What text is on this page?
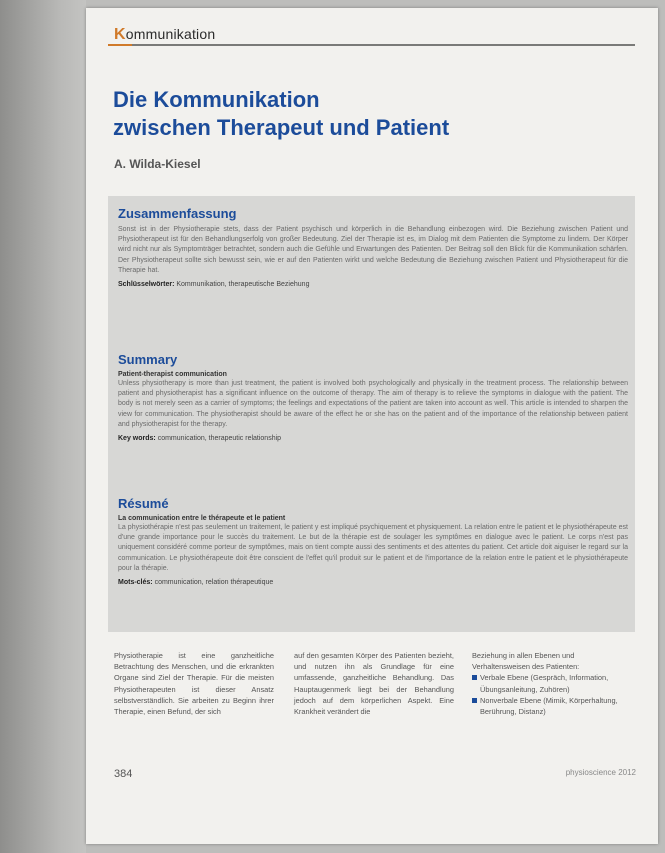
Kommunikation
Die Kommunikation
zwischen Therapeut und Patient
A. Wilda-Kiesel

Zusammenfassung

Sonst ist in der Physiotherapie stets, dass der Patient psychisch und körperlich in die Behandlung einbezogen wird. Die Beziehung zwischen Patient und Physiotherapeut ist für den Behandlungserfolg von großer Bedeutung. Ziel der Therapie ist es, im Dialog mit dem Patienten die Symptome zu lindern. Der Körper wird nicht nur als Symptomträger betrachtet, sondern auch die Gefühle und Erwartungen des Patienten. Der Beitrag soll den Blick für die Kommunikation schärfen. Der Physiotherapeut sollte sich bewusst sein, wie er auf den Patienten wirkt und welche Bedeutung die Beziehung zwischen Patient und Physiotherapeut für die Therapie hat.

Schlüsselwörter: Kommunikation, therapeutische Beziehung

Summary

Patient-therapist communication

Unless physiotherapy is more than just treatment, the patient is involved both psychologically and physically in the treatment process. The relationship between patient and physiotherapist has a significant influence on the outcome of therapy. The aim of therapy is to relieve the symptoms in dialogue with the patient. The body is not merely seen as a carrier of symptoms; the feelings and expectations of the patient are taken into account as well. This article is intended to sharpen the view for communication. The physiotherapist should be aware of the effect he or she has on the patient and of the importance of the relationship between patient and physiotherapist for the therapy.

Key words: communication, therapeutic relationship

Résumé

La communication entre le thérapeute et le patient

La physiothérapie n'est pas seulement un traitement, le patient y est impliqué psychiquement et physiquement. La relation entre le patient et le physiothérapeute est d'une grande importance pour le succès du traitement. Le but de la thérapie est de soulager les symptômes en dialogue avec le patient. Le corps n'est pas uniquement considéré comme porteur de symptômes, mais on tient compte aussi des sentiments et des attentes du patient. Cet article doit aiguiser le regard sur la communication. Le physiothérapeute doit être conscient de l'effet qu'il produit sur le patient et de l'importance de la relation entre le patient et le physiothérapeute pour la thérapie.

Mots-clés: communication, relation thérapeutique
Physiotherapie ist eine ganzheitliche Betrachtung des Menschen, und die erkrankten Organe sind Ziel der Therapie. Für die meisten Physiotherapeuten ist dieser Ansatz selbstverständlich. Sie arbeiten zu Beginn ihrer Therapie, einen Befund, der sich
auf den gesamten Körper des Patienten bezieht, und nutzen ihn als Grundlage für eine umfassende, ganzheitliche Behandlung. Das Hauptaugenmerk liegt bei der Behandlung jedoch auf dem körperlichen Aspekt. Eine Krankheit verändert die
Beziehung in allen Ebenen und Verhaltensweisen des Patienten:
Verbale Ebene (Gespräch, Information, Übungsanleitung, Zuhören)
Nonverbale Ebene (Mimik, Körperhaltung, Berührung, Distanz)
384	physioscience 2012
